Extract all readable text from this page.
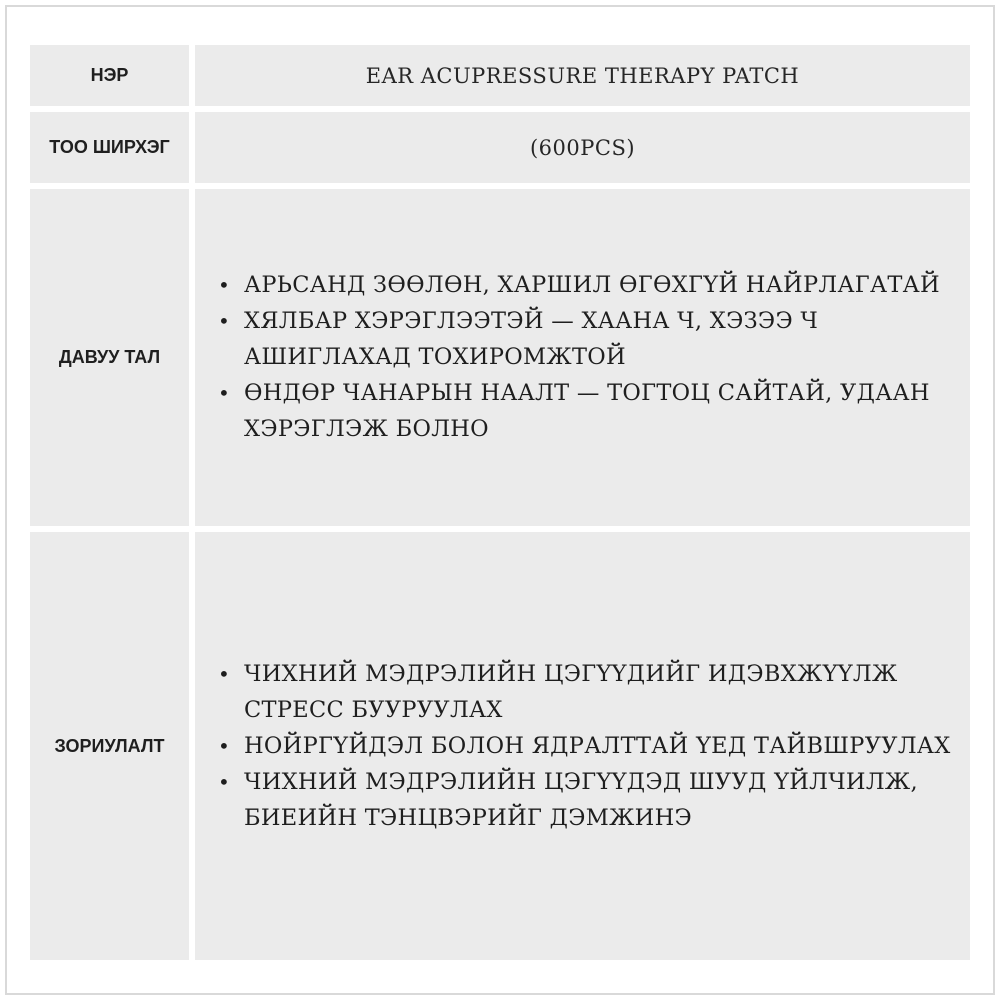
НЭР	EAR ACUPRESSURE THERAPY PATCH
ТОО ШИРХЭГ	(600PCS)
ДАВУУ ТАЛ
• АРЬСАНД ЗӨӨЛӨН, ХАРШИЛ ӨГӨХГҮЙ НАЙРЛАГАТАЙ
• ХЯЛБАР ХЭРЭГЛЭЭТЭЙ — ХААНА Ч, ХЭЗЭЭ Ч АШИГЛАХАД ТОХИРОМЖТОЙ
• ӨНДӨР ЧАНАРЫН НААЛТ — ТОГТОЦ САЙТАЙ, УДААН ХЭРЭГЛЭЖ БОЛНО
ЗОРИУЛАЛТ
• ЧИХНИЙ МЭДРЭЛИЙН ЦЭГҮҮДИЙГ ИДЭВХЖҮҮЛЖ СТРЕСС БУУРУУЛАХ
• НОЙРГҮЙДЭЛ БОЛОН ЯДРАЛТТАЙ ҮЕД ТАЙВШРУУЛАХ
• ЧИХНИЙ МЭДРЭЛИЙН ЦЭГҮҮДЭД ШУУД ҮЙЛЧИЛЖ, БИЕИЙН ТЭНЦВЭРИЙГ ДЭМЖИНЭ
